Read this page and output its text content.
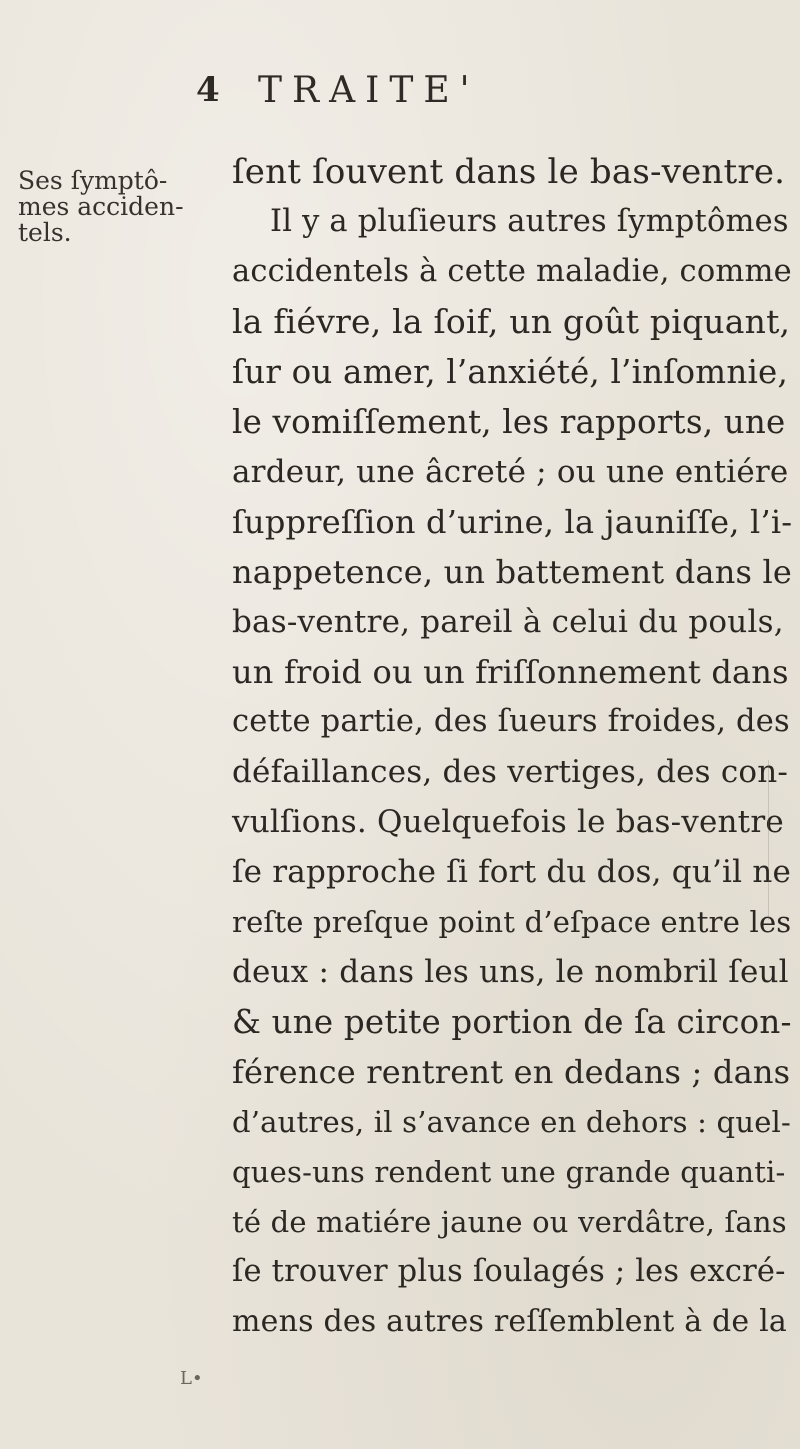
4 TRAITE'
Ses ſymptô-
mes acciden-
tels.
ſent ſouvent dans le bas-ventre.
Il y a pluſieurs autres ſymptômes
accidentels à cette maladie, comme
la fiévre, la ſoif, un goût piquant,
ſur ou amer, l’anxiété, l’inſomnie,
le vomiſſement, les rapports, une
ardeur, une âcreté ; ou une entiére
ſuppreſſion d’urine, la jauniſſe, l’i-
nappetence, un battement dans le
bas-ventre, pareil à celui du pouls,
un froid ou un friſſonnement dans
cette partie, des ſueurs froides, des
défaillances, des vertiges, des con-
vulſions. Quelquefois le bas-ventre
ſe rapproche ſi fort du dos, qu’il ne
reſte preſque point d’eſpace entre les
deux : dans les uns, le nombril ſeul
& une petite portion de ſa circon-
férence rentrent en dedans ; dans
d’autres, il s’avance en dehors : quel-
ques-uns rendent une grande quanti-
té de matiére jaune ou verdâtre, ſans
ſe trouver plus ſoulagés ; les excré-
mens des autres reſſemblent à de la
L•
